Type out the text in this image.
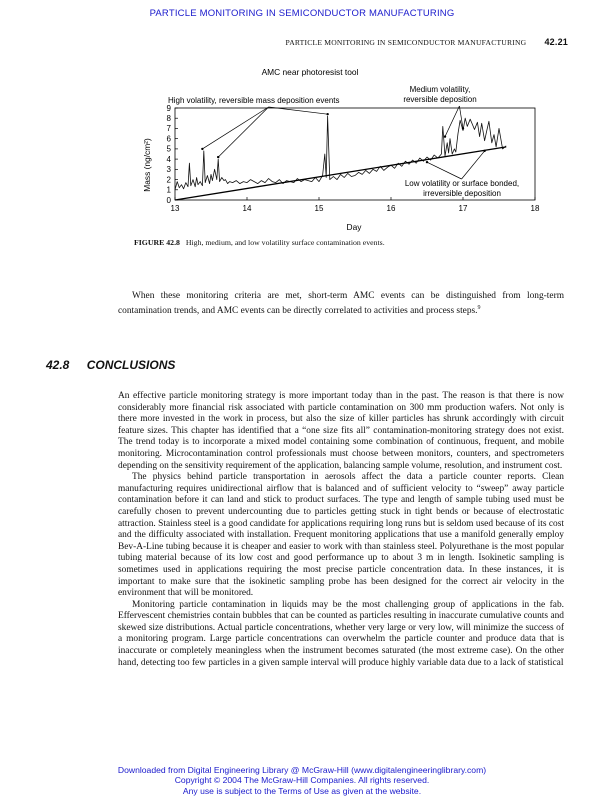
PARTICLE MONITORING IN SEMICONDUCTOR MANUFACTURING
PARTICLE MONITORING IN SEMICONDUCTOR MANUFACTURING 42.21
AMC near photoresist tool
High volatility, reversible mass deposition events
Medium volatility,
reversible deposition
Low volatility or surface bonded,
irreversible deposition
Day
Mass (ng/cm²)
0
1
2
3
4
5
6
7
8
9
13	14	15	16	17	18
FIGURE 42.8 High, medium, and low volatility surface contamination events.

When these monitoring criteria are met, short-term AMC events can be distinguished from long-term contamination trends, and AMC events can be directly correlated to activities and process steps.$^9$

42.8 CONCLUSIONS

An effective particle monitoring strategy is more important today than in the past. The reason is that there is now considerably more financial risk associated with particle contamination on 300 mm production wafers. Not only is there more invested in the work in process, but also the size of killer particles has shrunk accordingly with circuit feature sizes. This chapter has identified that a “one size fits all” contamination-monitoring strategy does not exist. The trend today is to incorporate a mixed model containing some combination of continuous, frequent, and mobile monitoring. Microcontamination control professionals must choose between monitors, counters, and spectrometers depending on the sensitivity requirement of the application, balancing sample volume, resolution, and instrument cost.

The physics behind particle transportation in aerosols affect the data a particle counter reports. Clean manufacturing requires unidirectional airflow that is balanced and of sufficient velocity to “sweep” away particle contamination before it can land and stick to product surfaces. The type and length of sample tubing used must be carefully chosen to prevent undercounting due to particles getting stuck in tight bends or because of electrostatic attraction. Stainless steel is a good candidate for applications requiring long runs but is seldom used because of its cost and the difficulty associated with installation. Frequent monitoring applications that use a manifold generally employ Bev-A-Line tubing because it is cheaper and easier to work with than stainless steel. Polyurethane is the most popular tubing material because of its low cost and good performance up to about 3 m in length. Isokinetic sampling is sometimes used in applications requiring the most precise particle concentration data. In these instances, it is important to make sure that the isokinetic sampling probe has been designed for the correct air velocity in the environment that will be monitored.

Monitoring particle contamination in liquids may be the most challenging group of applications in the fab. Effervescent chemistries contain bubbles that can be counted as particles resulting in inaccurate cumulative counts and skewed size distributions. Actual particle concentrations, whether very large or very low, will minimize the success of a monitoring program. Large particle concentrations can overwhelm the particle counter and produce data that is inaccurate or completely meaningless when the instrument becomes saturated (the most extreme case). On the other hand, detecting too few particles in a given sample interval will produce highly variable data due to a lack of statistical

Downloaded from Digital Engineering Library @ McGraw-Hill (www.digitalengineeringlibrary.com)
Copyright © 2004 The McGraw-Hill Companies. All rights reserved.
Any use is subject to the Terms of Use as given at the website.
